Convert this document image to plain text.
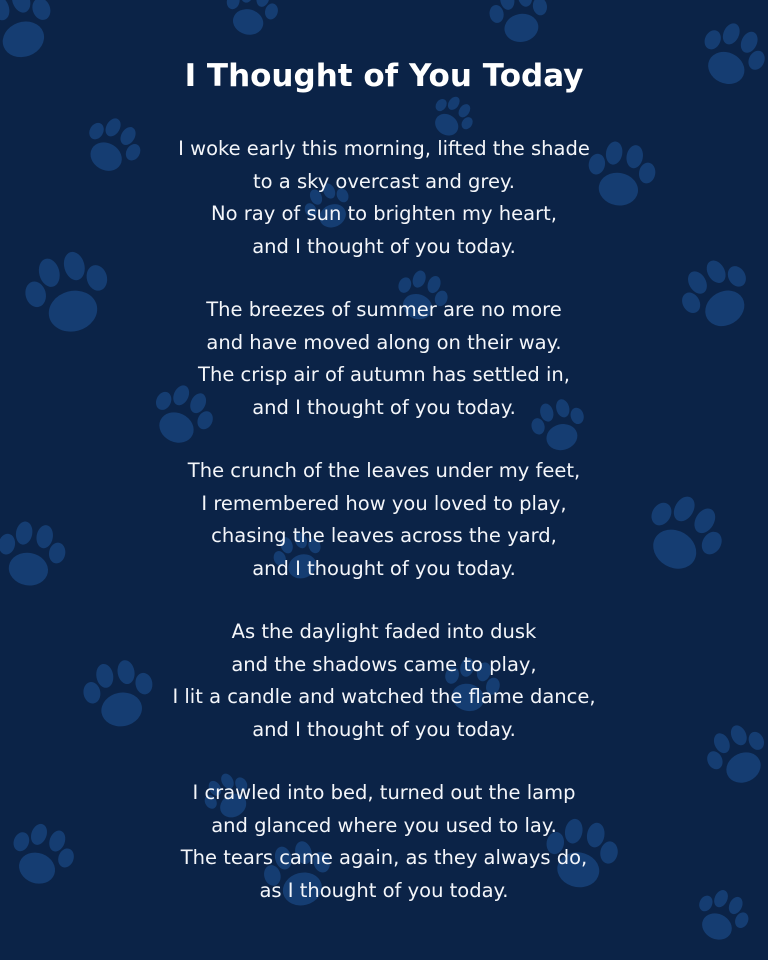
I Thought of You Today
I woke early this morning, lifted the shade
to a sky overcast and grey.
No ray of sun to brighten my heart,
and I thought of you today.
The breezes of summer are no more
and have moved along on their way.
The crisp air of autumn has settled in,
and I thought of you today.
The crunch of the leaves under my feet,
I remembered how you loved to play,
chasing the leaves across the yard,
and I thought of you today.
As the daylight faded into dusk
and the shadows came to play,
I lit a candle and watched the flame dance,
and I thought of you today.
I crawled into bed, turned out the lamp
and glanced where you used to lay.
The tears came again, as they always do,
as I thought of you today.
